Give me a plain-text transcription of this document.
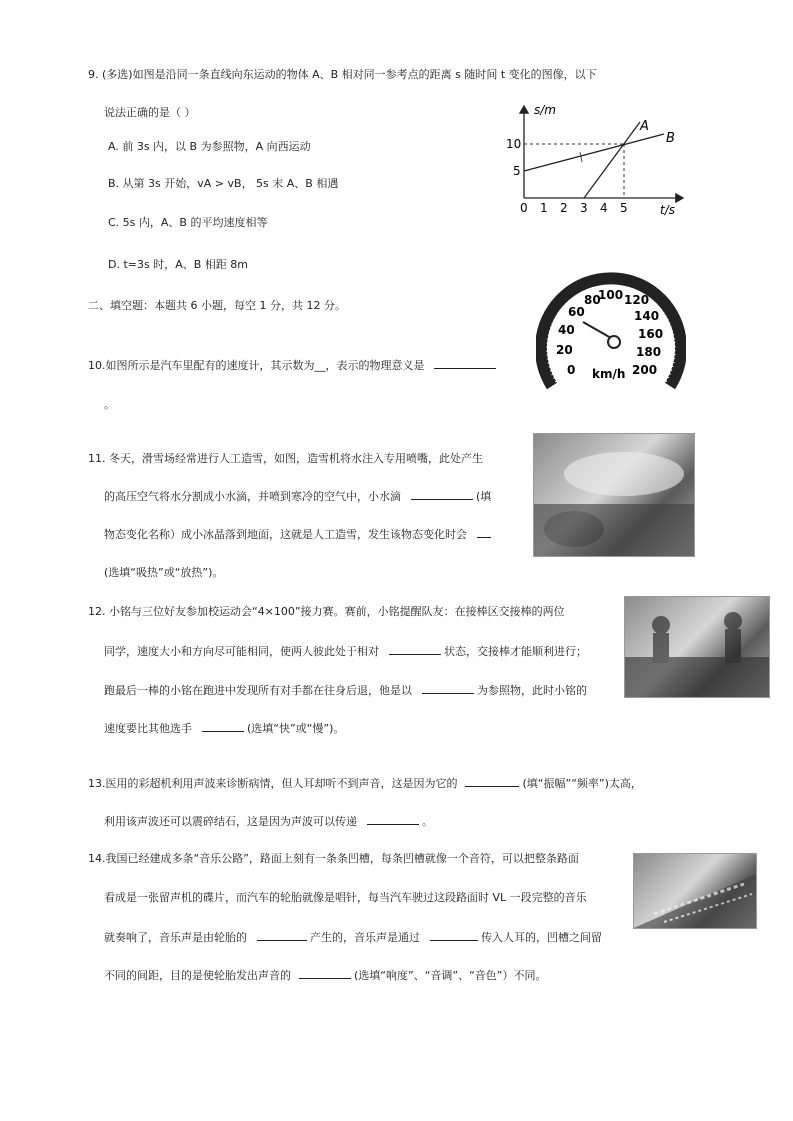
9. (多选)如图是沿同一条直线向东运动的物体 A、B 相对同一参考点的距离 s 随时间 t 变化的图像，以下
说法正确的是（ ）
A. 前 3s 内，以 B 为参照物，A 向西运动
B. 从第 3s 开始，vA > vB， 5s 末 A、B 相遇
C. 5s 内，A、B 的平均速度相等
D. t=3s 时，A、B 相距 8m
s/m
t/s
10
5
0 1 2 3 4 5
A
B
二、填空题：本题共 6 小题，每空 1 分，共 12 分。
0
20
40
60
80
100 120
140
160
180
200
km/h
10.如图所示是汽车里配有的速度计，其示数为__，表示的物理意义是
。
11. 冬天，滑雪场经常进行人工造雪，如图，造雪机将水注入专用喷嘴，此处产生
的高压空气将水分割成小水滴，并喷到寒冷的空气中，小水滴	(填
物态变化名称）成小冰晶落到地面，这就是人工造雪，发生该物态变化时会
(选填“吸热”或“放热”)。
12. 小铭与三位好友参加校运动会“4×100”接力赛。赛前，小铭提醒队友：在接棒区交接棒的两位
同学，速度大小和方向尽可能相同，使两人彼此处于相对	状态，交接棒才能顺利进行；
跑最后一棒的小铭在跑进中发现所有对手都在往身后退，他是以	为参照物，此时小铭的
速度要比其他选手	(选填“快”或“慢”)。
13.医用的彩超机利用声波来诊断病情，但人耳却听不到声音，这是因为它的	(填“振幅”“频率”)太高，
利用该声波还可以震碎结石，这是因为声波可以传递	。
14.我国已经建成多条“音乐公路”，路面上刻有一条条凹槽，每条凹槽就像一个音符，可以把整条路面
看成是一张留声机的碟片，而汽车的轮胎就像是唱针，每当汽车驶过这段路面时 VL 一段完整的音乐
就奏响了，音乐声是由轮胎的	产生的，音乐声是通过	传入人耳的，凹槽之间留
不同的间距，目的是使轮胎发出声音的	(选填“响度”、“音调”、“音色”）不同。
